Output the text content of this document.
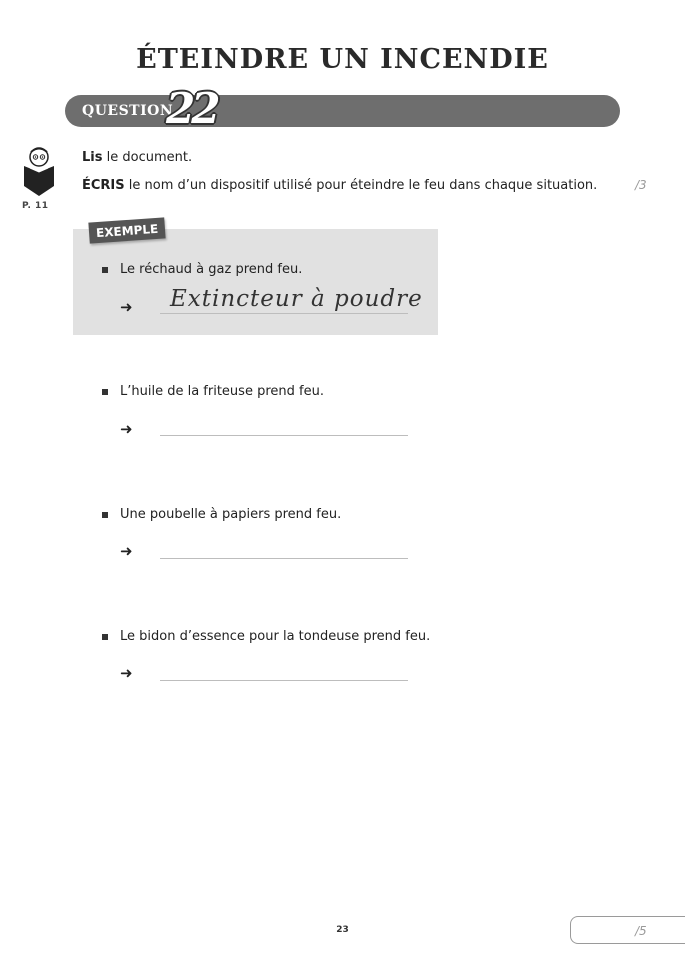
ÉTEINDRE UN INCENDIE
QUESTION
22
P. 11
Lis le document.
ÉCRIS le nom d’un dispositif utilisé pour éteindre le feu dans chaque situation.	/3
EXEMPLE
Le réchaud à gaz prend feu.
➜ Extincteur à poudre
L’huile de la friteuse prend feu.
➜
Une poubelle à papiers prend feu.
➜
Le bidon d’essence pour la tondeuse prend feu.
➜
23	/5
